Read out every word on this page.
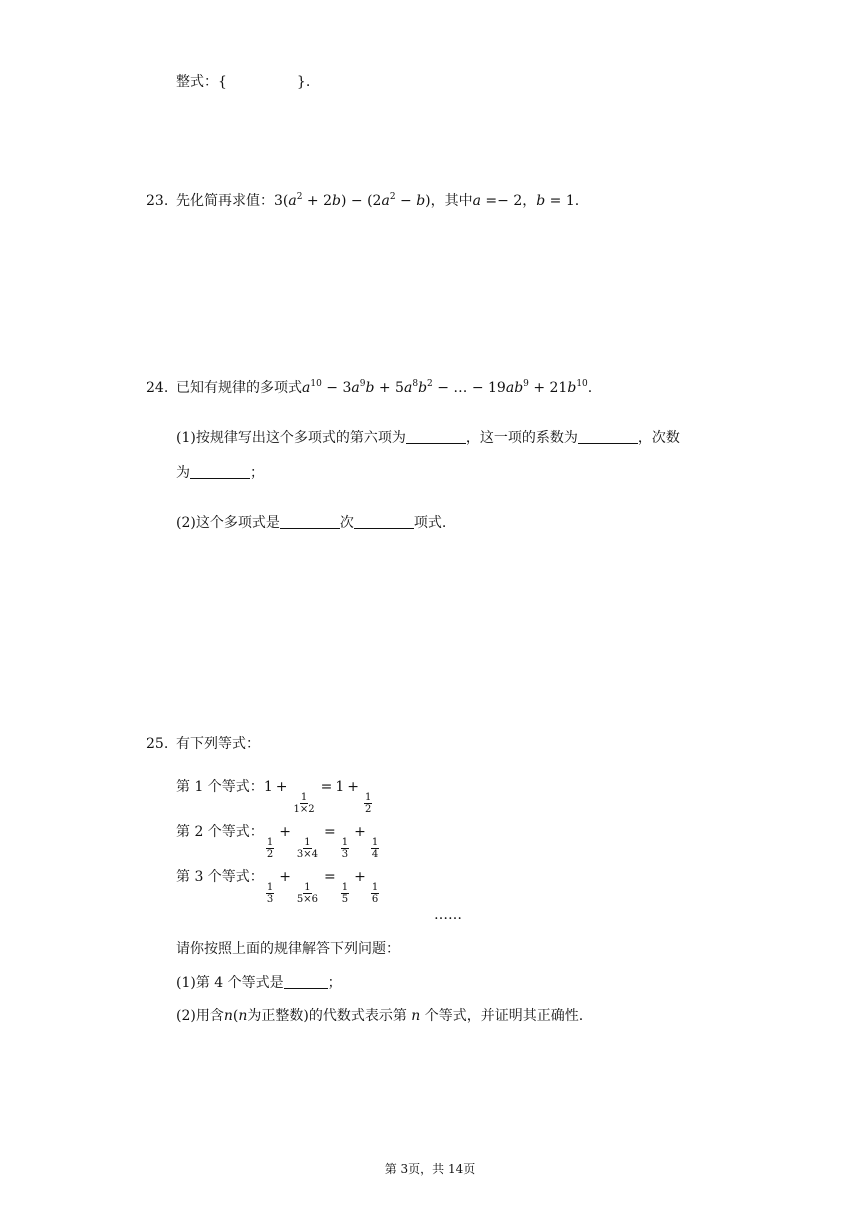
整式：{	}.
23. 先化简再求值：$3(a^2 + 2b) - (2a^2 - b)$，其中a =− 2，b = 1.
24. 已知有规律的多项式$a^{10} - 3a^9b + 5a^8b^2$ − … − $19ab^9 + 21b^{10}$.
(1)按规律写出这个多项式的第六项为	，这一项的系数为	，次数
为	；
(2)这个多项式是	次	项式.
25. 有下列等式：
第 1 个等式：1 +
$\frac{1}{1\times 2}$
= 1 +
$\frac{1}{2}$
第 2 个等式：
$\frac{1}{2}$
+
$\frac{1}{3\times 4}$
=
$\frac{1}{3}$
+
$\frac{1}{4}$
第 3 个等式：
$\frac{1}{3}$
+
$\frac{1}{5\times 6}$
=
$\frac{1}{5}$
+
$\frac{1}{6}$
……
请你按照上面的规律解答下列问题：
(1)第 4 个等式是	；
(2)用含n(n为正整数)的代数式表示第 n 个等式，并证明其正确性.
第 3页，共 14页
